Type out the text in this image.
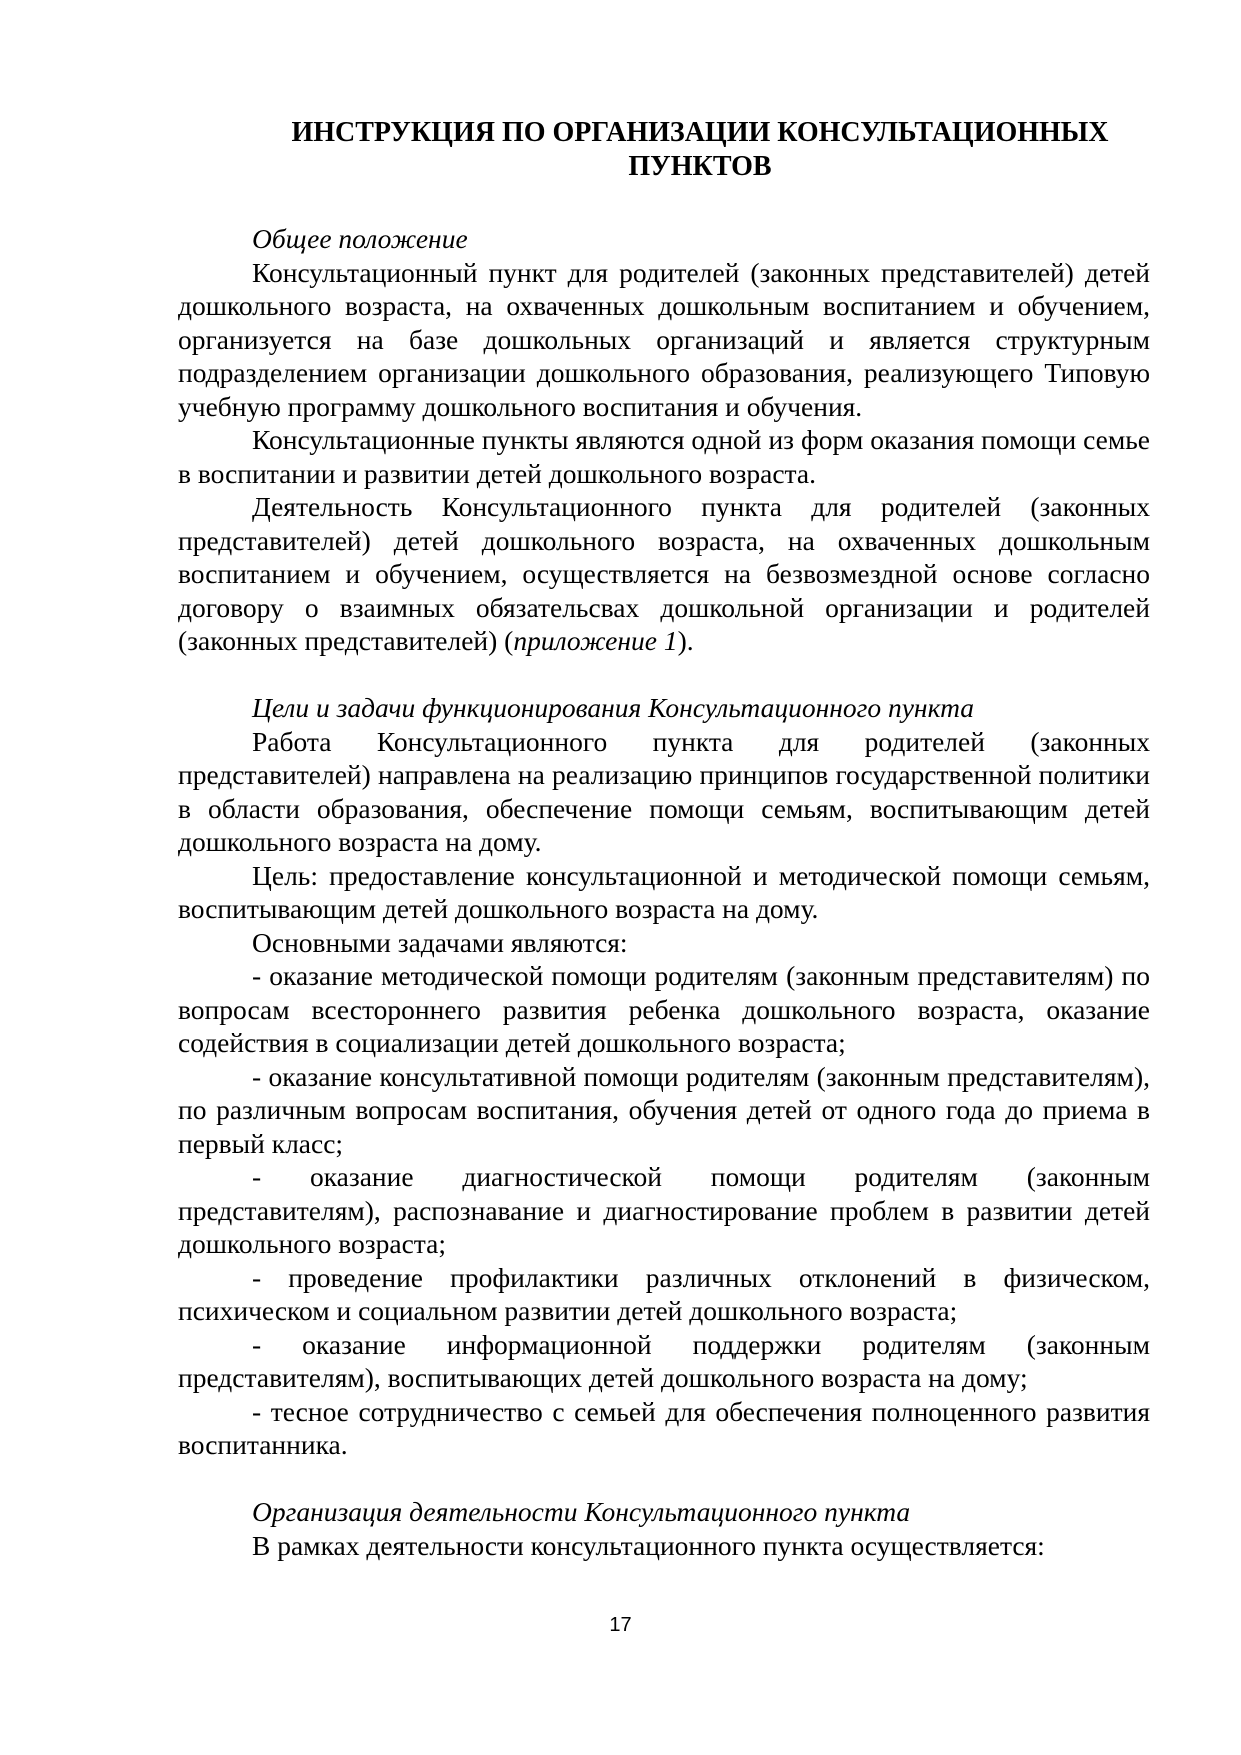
ИНСТРУКЦИЯ ПО ОРГАНИЗАЦИИ КОНСУЛЬТАЦИОННЫХ
ПУНКТОВ

Общее положение

Консультационный пункт для родителей (законных представителей) детей дошкольного возраста, на охваченных дошкольным воспитанием и обучением, организуется на базе дошкольных организаций и является структурным подразделением организации дошкольного образования, реализующего Типовую учебную программу дошкольного воспитания и обучения.

Консультационные пункты являются одной из форм оказания помощи семье в воспитании и развитии детей дошкольного возраста.

Деятельность Консультационного пункта для родителей (законных представителей) детей дошкольного возраста, на охваченных дошкольным воспитанием и обучением, осуществляется на безвозмездной основе согласно договору о взаимных обязательсвах дошкольной организации и родителей (законных представителей) (приложение 1).

Цели и задачи функционирования Консультационного пункта

Работа Консультационного пункта для родителей (законных представителей) направлена на реализацию принципов государственной политики в области образования, обеспечение помощи семьям, воспитывающим детей дошкольного возраста на дому.

Цель: предоставление консультационной и методической помощи семьям, воспитывающим детей дошкольного возраста на дому.

Основными задачами являются:

- оказание методической помощи родителям (законным представителям) по вопросам всестороннего развития ребенка дошкольного возраста, оказание содействия в социализации детей дошкольного возраста;

- оказание консультативной помощи родителям (законным представителям), по различным вопросам воспитания, обучения детей от одного года до приема в первый класс;

- оказание диагностической помощи родителям (законным представителям), распознавание и диагностирование проблем в развитии детей дошкольного возраста;

- проведение профилактики различных отклонений в физическом, психическом и социальном развитии детей дошкольного возраста;

- оказание информационной поддержки родителям (законным представителям), воспитывающих детей дошкольного возраста на дому;

- тесное сотрудничество с семьей для обеспечения полноценного развития воспитанника.

Организация деятельности Консультационного пункта

В рамках деятельности консультационного пункта осуществляется:

17
